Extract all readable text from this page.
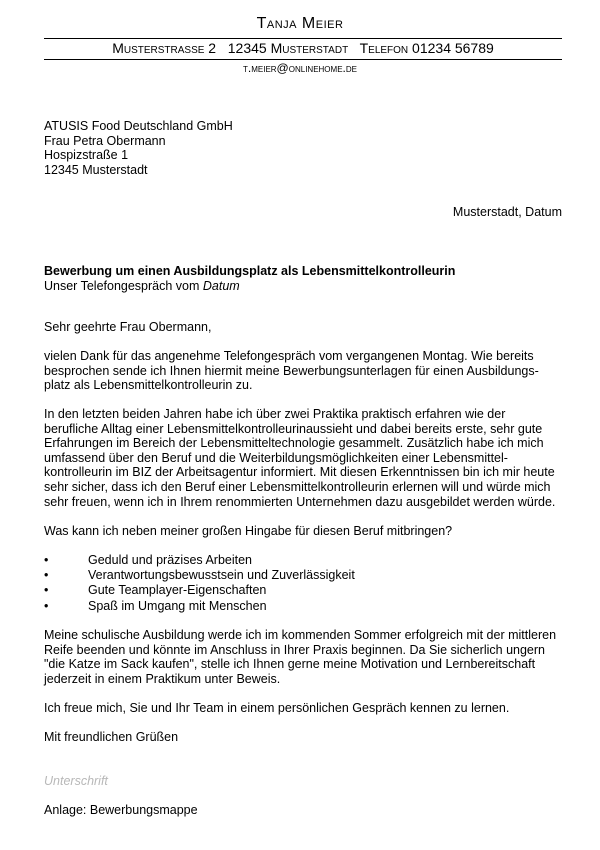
Tanja Meier
Musterstrasse 2   12345 Musterstadt   Telefon 01234 56789
t.meier@onlinehome.de
ATUSIS Food Deutschland GmbH
Frau Petra Obermann
Hospizstraße 1
12345 Musterstadt
Musterstadt, Datum
Bewerbung um einen Ausbildungsplatz als Lebensmittelkontrolleurin
Unser Telefongespräch vom Datum
Sehr geehrte Frau Obermann,
vielen Dank für das angenehme Telefongespräch vom vergangenen Montag. Wie bereits
besprochen sende ich Ihnen hiermit meine Bewerbungsunterlagen für einen Ausbildungs-
platz als Lebensmittelkontrolleurin zu.
In den letzten beiden Jahren habe ich über zwei Praktika praktisch erfahren wie der
berufliche Alltag einer Lebensmittelkontrolleurinaussieht und dabei bereits erste, sehr gute
Erfahrungen im Bereich der Lebensmitteltechnologie gesammelt. Zusätzlich habe ich mich
umfassend über den Beruf und die Weiterbildungsmöglichkeiten einer Lebensmittel-
kontrolleurin im BIZ der Arbeitsagentur informiert. Mit diesen Erkenntnissen bin ich mir heute
sehr sicher, dass ich den Beruf einer Lebensmittelkontrolleurin erlernen will und würde mich
sehr freuen, wenn ich in Ihrem renommierten Unternehmen dazu ausgebildet werden würde.
Was kann ich neben meiner großen Hingabe für diesen Beruf mitbringen?
•	Geduld und präzises Arbeiten
•	Verantwortungsbewusstsein und Zuverlässigkeit
•	Gute Teamplayer-Eigenschaften
•	Spaß im Umgang mit Menschen
Meine schulische Ausbildung werde ich im kommenden Sommer erfolgreich mit der mittleren
Reife beenden und könnte im Anschluss in Ihrer Praxis beginnen. Da Sie sicherlich ungern
"die Katze im Sack kaufen", stelle ich Ihnen gerne meine Motivation und Lernbereitschaft
jederzeit in einem Praktikum unter Beweis.
Ich freue mich, Sie und Ihr Team in einem persönlichen Gespräch kennen zu lernen.
Mit freundlichen Grüßen
Unterschrift
Anlage: Bewerbungsmappe
